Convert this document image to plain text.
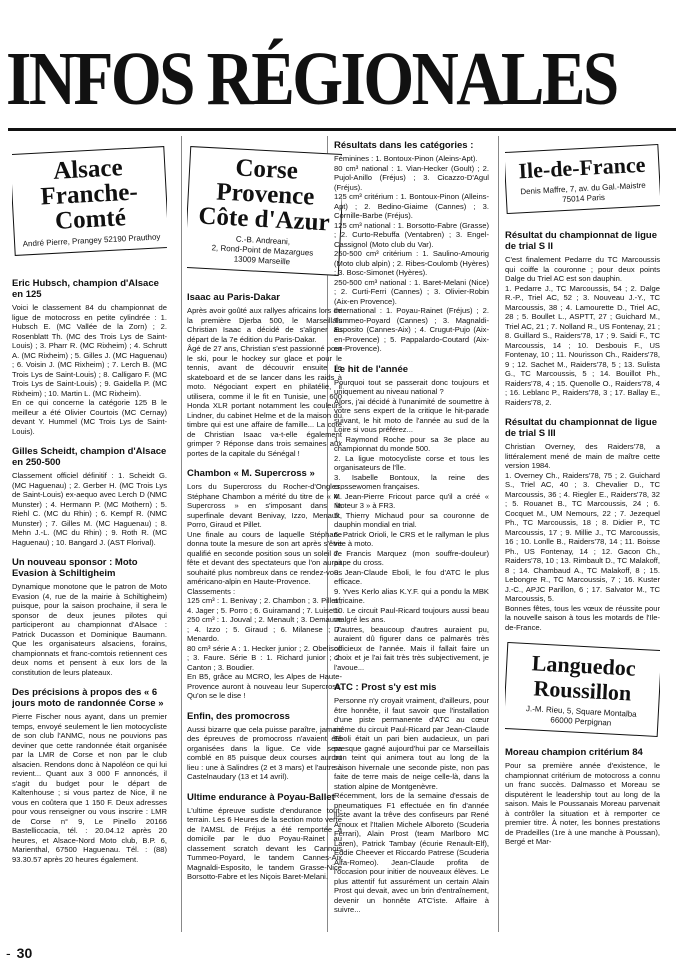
INFOS RÉGIONALES
Alsace Franche-Comté
André Pierre, Prangey 52190 Prauthoy
Eric Hubsch, champion d'Alsace en 125

Voici le classement 84 du championnat de ligue de motocross en petite cylindrée : 1. Hubsch E. (MC Vallée de la Zorn) ; 2. Rosenblatt Th. (MC des Trois Lys de Saint-Louis) ; 3. Pharr R. (MC Rixheim) ; 4. Schrutt A. (MC Rixheim) ; 5. Gilles J. (MC Haguenau) ; 6. Voisin J. (MC Rixheim) ; 7. Lerch B. (MC Trois Lys de Saint-Louis) ; 8. Calligaro F. (MC Trois Lys de Saint-Louis) ; 9. Gaidella P. (MC Rixheim) ; 10. Martin L. (MC Rixheim).
En ce qui concerne la catégorie 125 B le meilleur a été Olivier Courtois (MC Cernay) devant Y. Hummel (MC Trois Lys de Saint-Louis).

Gilles Scheidt, champion d'Alsace en 250-500

Classement officiel définitif : 1. Scheidt G. (MC Haguenau) ; 2. Gerber H. (MC Trois Lys de Saint-Louis) ex-aequo avec Lerch D (NMC Munster) ; 4. Hermann P. (MC Mothern) ; 5. Riehl C. (MC du Rhin) ; 6. Kempf R. (NMC Munster) ; 7. Gilles M. (MC Haguenau) ; 8. Mehn J.-L. (MC du Rhin) ; 9. Roth R. (MC Haguenau) ; 10. Bangard J. (AST Florival).

Un nouveau sponsor : Moto Evasion à Schiltigheim

Dynamique monotone que le patron de Moto Evasion (4, rue de la mairie à Schiltigheim) puisque, pour la saison prochaine, il sera le sponsor de deux jeunes pilotes qui participeront au championnat d'Alsace : Patrick Ducasson et Dominique Baumann. Que les organisateurs alsaciens, forains, championnats et franc-comtois retiennent ces deux noms et pensent à eux lors de la constitution de leurs plateaux.

Des précisions à propos des « 6 jours moto de randonnée Corse »

Pierre Fischer nous ayant, dans un premier temps, envoyé seulement le lien motocycliste de son club l'ANMC, nous ne pouvions pas deviner que cette randonnée était organisée par la LMR de Corse et non par le club alsacien. Rendons donc à Napoléon ce qui lui revient... Quant aux 3 000 F annoncés, il s'agit du budget pour le départ de Kaltenhouse ; si vous partez de Nice, il ne vous en coûtera que 1 150 F. Deux adresses pour vous renseigner ou vous inscrire : LMR de Corse n° 9, Le Pinello 20166 Bastelliccacia, tél. : 20.04.12 après 20 heures, et Alsace-Nord Moto club, B.P. 6, Marienthal, 67500 Haguenau. Tél. : (88) 93.30.57 après 20 heures également.

Corse Provence Côte d'Azur
C.-B. Andreani,
2, Rond-Point de Mazargues
13009 Marseille
Isaac au Paris-Dakar

Après avoir goûté aux rallyes africains lors de la première Djerba 500, le Marseillais Christian Isaac a décidé de s'aligner au départ de la 7e édition du Paris-Dakar.
Âgé de 27 ans, Christian s'est passionné pour le ski, pour le hockey sur glace et pour le tennis, avant de découvrir ensuite le skateboard et de se lancer dans les raids à moto. Négociant expert en philatélie, il utilisera, comme il le fit en Tunisie, une 600 Honda XLR portant notamment les couleurs Lindner, du cabinet Helme et de la maison du timbre qui est une affaire de famille... La cote de Christian Isaac va-t-elle également grimper ? Réponse dans trois semaines aux portes de la capitale du Sénégal !

Chambon « M. Supercross »

Lors du Supercross du Rocher-d'Ongles, Stéphane Chambon a mérité du titre de « M. Supercross » en s'imposant dans la superfinale devant Benivay, Izzo, Menault, Porro, Giraud et Pillet.
Une finale au cours de laquelle Stéphane donna toute la mesure de son art après s'être qualifié en seconde position sous un soleil de fête et devant des spectateurs que l'on aurait souhaité plus nombreux dans ce rendez-vous américano-alpin en Haute-Provence.
Classements :
125 cm³ : 1. Benivay ; 2. Chambon ; 3. Pillet ; 4. Jager ; 5. Porro ; 6. Guiramand ; 7. Luisetti.
250 cm³ : 1. Jouval ; 2. Menault ; 3. Demauve ; 4. Izzo ; 5. Giraud ; 6. Milanese ; 7. Menardo.
80 cm³ série A : 1. Hecker junior ; 2. Obelisco ; 3. Faure. Série B : 1. Richard junior ; 2. Canton ; 3. Boudier.
En B5, grâce au MCRO, les Alpes de Haute-Provence auront à nouveau leur Supercross. Qu'on se le dise !

Enfin, des promocross

Aussi bizarre que cela puisse paraître, jamais des épreuves de promocross n'avaient été organisées dans la ligue. Ce vide sera comblé en 85 puisque deux courses auront lieu : une à Salindres (2 et 3 mars) et l'autre à Castelnaudary (13 et 14 avril).

Ultime endurance à Poyau-Ballet

L'ultime épreuve sudiste d'endurance tout-terrain. Les 6 Heures de la section moto verte de l'AMSL de Fréjus a été remportée à domicile par le duo Poyau-Rainet au classement scratch devant les Cannois Tummeo-Poyard, le tandem Cannes-Aix Magnaldi-Esposito, le tandem Grasse-Nice Borsotto-Fabre et les Niçois Baret-Melani.

Résultats dans les catégories :

Féminines : 1. Bontoux-Pinon (Aleins-Apt).
80 cm³ national : 1. Vian-Hecker (Goult) ; 2. Pujol-Anillo (Fréjus) ; 3. Cicazzo-D'Agul (Fréjus).
125 cm³ critérium : 1. Bontoux-Pinon (Alleins-Apt) ; 2. Bedino-Giaime (Cannes) ; 3. Cornille-Barbe (Fréjus).
125 cm³ national : 1. Borsotto-Fabre (Grasse) ; 2. Curto-Rebuffa (Ventabren) ; 3. Engel-Cassignol (Moto club du Var).
250-500 cm³ critérium : 1. Saulino-Amourig (Moto club alpin) ; 2. Ribes-Coulomb (Hyères) ; 3. Bosc-Simonet (Hyères).
250-500 cm³ national : 1. Baret-Melani (Nice) ; 2. Curti-Ferri (Cannes) ; 3. Olivier-Robin (Aix-en Provence).
International : 1. Poyau-Rainet (Fréjus) ; 2. Tummeo-Poyard (Cannes) ; 3. Magnaldi-Esposito (Cannes-Aix) ; 4. Crugut-Pujo (Aix-en-Provence) ; 5. Pappalardo-Coutard (Aix-en-Provence).

Le hit de l'année

Pourquoi tout se passerait donc toujours et uniquement au niveau national ?
Alors, j'ai décidé à l'unanimité de soumettre à votre sens expert de la critique le hit-parade suivant, le hit moto de l'année au sud de la Loire si vous préférez...
1. Raymond Roche pour sa 3e place au championnat du monde 500.
2. La ligue motocycliste corse et tous les organisateurs de l'île.
3. Isabelle Bontoux, la reine des crossewomen françaises.
4. Jean-Pierre Fricout parce qu'il a créé « Moteur 3 » à FR3.
5. Thierry Michaud pour sa couronne de dauphin mondial en trial.
6. Patrick Orioli, le CRS et le rallyman le plus vite à moto.
7. Francis Marquez (mon souffre-douleur) pape du cross.
8. Jean-Claude Eboli, le fou d'ATC le plus efficace.
9. Yves Kerlo alias K.Y.F. qui a pondu la MBK africaine.
10. Le circuit Paul-Ricard toujours aussi beau malgré les ans.
D'autres, beaucoup d'autres auraient pu, auraient dû figurer dans ce palmarès très officieux de l'année. Mais il fallait faire un choix et je l'ai fait très très subjectivement, je l'avoue...

ATC : Prost s'y est mis

Personne n'y croyait vraiment, d'ailleurs, pour être honnête, il faut savoir que l'installation d'une piste permanente d'ATC au cœur même du circuit Paul-Ricard par Jean-Claude Eboli était un pari bien audacieux, un pari presque gagné aujourd'hui par ce Marseillais bon teint qui animera tout au long de la saison hivernale une seconde piste, non pas faite de terre mais de neige celle-là, dans la station alpine de Montgenèvre.
Récemment, lors de la semaine d'essais de pneumatiques F1 effectuée en fin d'année juste avant la trêve des confiseurs par René Arnoux et l'Italien Michele Alboreto (Scuderia Ferrari), Alain Prost (team Marlboro MC Laren), Patrick Tambay (écurie Renault-Elf), Eddie Cheever et Riccardo Patrese (Scuderia Alfa-Romeo). Jean-Claude profita de l'occasion pour initier de nouveaux élèves. Le plus attentif fut assurément un certain Alain Prost qui devait, avec un brin d'entraînement, devenir un honnête ATC'iste. Affaire à suivre...

Ile-de-France
Denis Maffre, 7, av. du Gal.-Maistre
75014 Paris
Résultat du championnat de ligue de trial S II

C'est finalement Pedarre du TC Marcoussis qui coiffe la couronne ; pour deux points Dalge du Triel AC est son dauphin.
1. Pedarre J., TC Marcoussis, 54 ; 2. Dalge R.-P., Triel AC, 52 ; 3. Nouveau J.-Y., TC Marcoussis, 38 ; 4. Lamourette D., Triel AC, 28 ; 5. Boullet L., ASPTT, 27 ; Guichard M., Triel AC, 21 ; 7. Nolland R., US Fontenay, 21 ; 8. Guillard S., Raiders'78, 17 ; 9. Saidi F., TC Marcoussis, 14 ; 10. Desbouis F., US Fontenay, 10 ; 11. Nourisson Ch., Raiders'78, 9 ; 12. Sachet M., Raiders'78, 5 ; 13. Sulista G., TC Marcoussis, 5 ; 14. Bouillot Ph., Raiders'78, 4 ; 15. Quenolle O., Raiders'78, 4 ; 16. Leblanc P., Raiders'78, 3 ; 17. Ballay E., Raiders'78, 2.

Résultat du championnat de ligue de trial S III

Christian Overney, des Raiders'78, a littéralement mené de main de maître cette version 1984.
1. Overney Ch., Raiders'78, 75 ; 2. Guichard S., Triel AC, 40 ; 3. Chevalier D., TC Marcoussis, 36 ; 4. Riegler E., Raiders'78, 32 ; 5. Rouanet B., TC Marcoussis, 24 ; 6. Cocquet M., UM Nemours, 22 ; 7. Jezequel Ph., TC Marcoussis, 18 ; 8. Didier P., TC Marcoussis, 17 ; 9. Millie J., TC Marcoussis, 16 ; 10. Lonlle B., Raiders'78, 14 ; 11. Boisse Ph., US Fontenay, 14 ; 12. Gacon Ch., Raiders'78, 10 ; 13. Rimbault D., TC Malakoff, 8 ; 14. Chambaud A., TC Malakoff, 8 ; 15. Lebongre R., TC Marcoussis, 7 ; 16. Kuster J.-C., APJC Parillon, 6 ; 17. Salvator M., TC Marcoussis, 5.
Bonnes fêtes, tous les vœux de réussite pour la nouvelle saison à tous les motards de l'Ile-de-France.

Languedoc Roussillon
J.-M. Rieu, 5, Square Montalba
66000 Perpignan
Moreau champion critérium 84

Pour sa première année d'existence, le championnat critérium de motocross a connu un franc succès. Dalmasso et Moreau se disputèrent le leadership tout au long de la saison. Mais le Poussanais Moreau parvenait à contrôler la situation et à remporter ce premier titre. À noter, les bonnes prestations de Pradeilles (1re à une manche à Poussan), Bergé et Mar-

- 30
